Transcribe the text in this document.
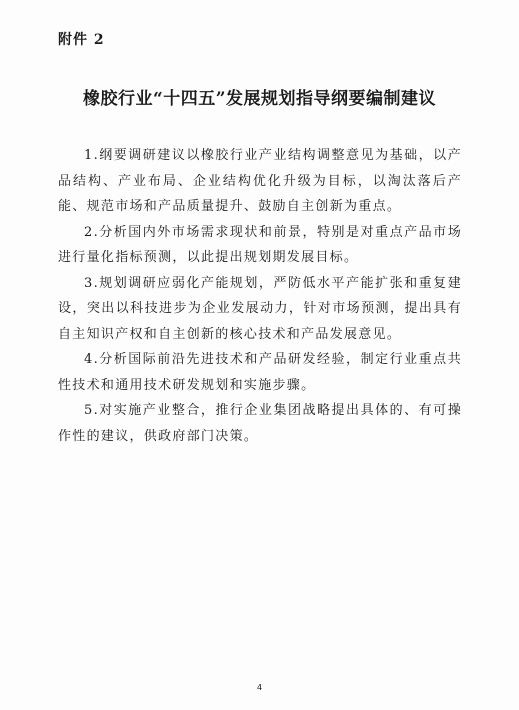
附件 2
橡胶行业“十四五”发展规划指导纲要编制建议

1.纲要调研建议以橡胶行业产业结构调整意见为基础，以产品结构、产业布局、企业结构优化升级为目标，以淘汰落后产能、规范市场和产品质量提升、鼓励自主创新为重点。

2.分析国内外市场需求现状和前景，特别是对重点产品市场进行量化指标预测，以此提出规划期发展目标。

3.规划调研应弱化产能规划，严防低水平产能扩张和重复建设，突出以科技进步为企业发展动力，针对市场预测，提出具有自主知识产权和自主创新的核心技术和产品发展意见。

4.分析国际前沿先进技术和产品研发经验，制定行业重点共性技术和通用技术研发规划和实施步骤。

5.对实施产业整合，推行企业集团战略提出具体的、有可操作性的建议，供政府部门决策。

4
